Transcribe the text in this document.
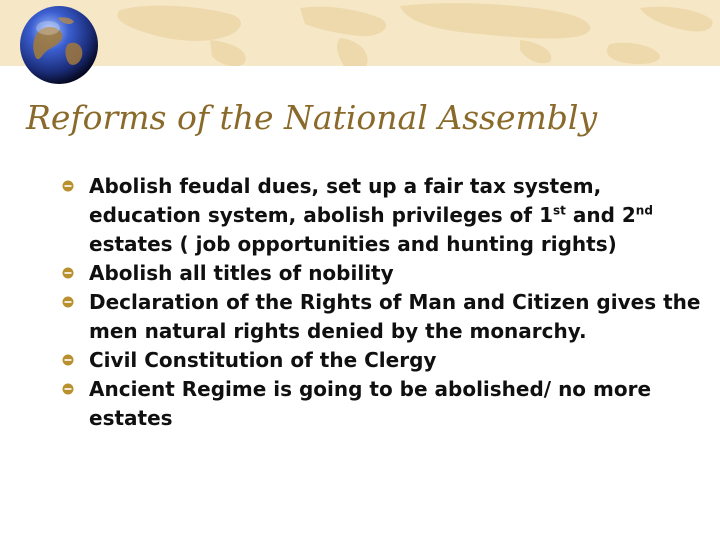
Reforms of the National Assembly
Abolish feudal dues, set up a fair tax system, education system, abolish privileges of 1st and 2nd estates ( job opportunities and hunting rights)
Abolish all titles of nobility
Declaration of the Rights of Man and Citizen gives the men natural rights denied by the monarchy.
Civil Constitution of the Clergy
Ancient Regime is going to be abolished/ no more estates
